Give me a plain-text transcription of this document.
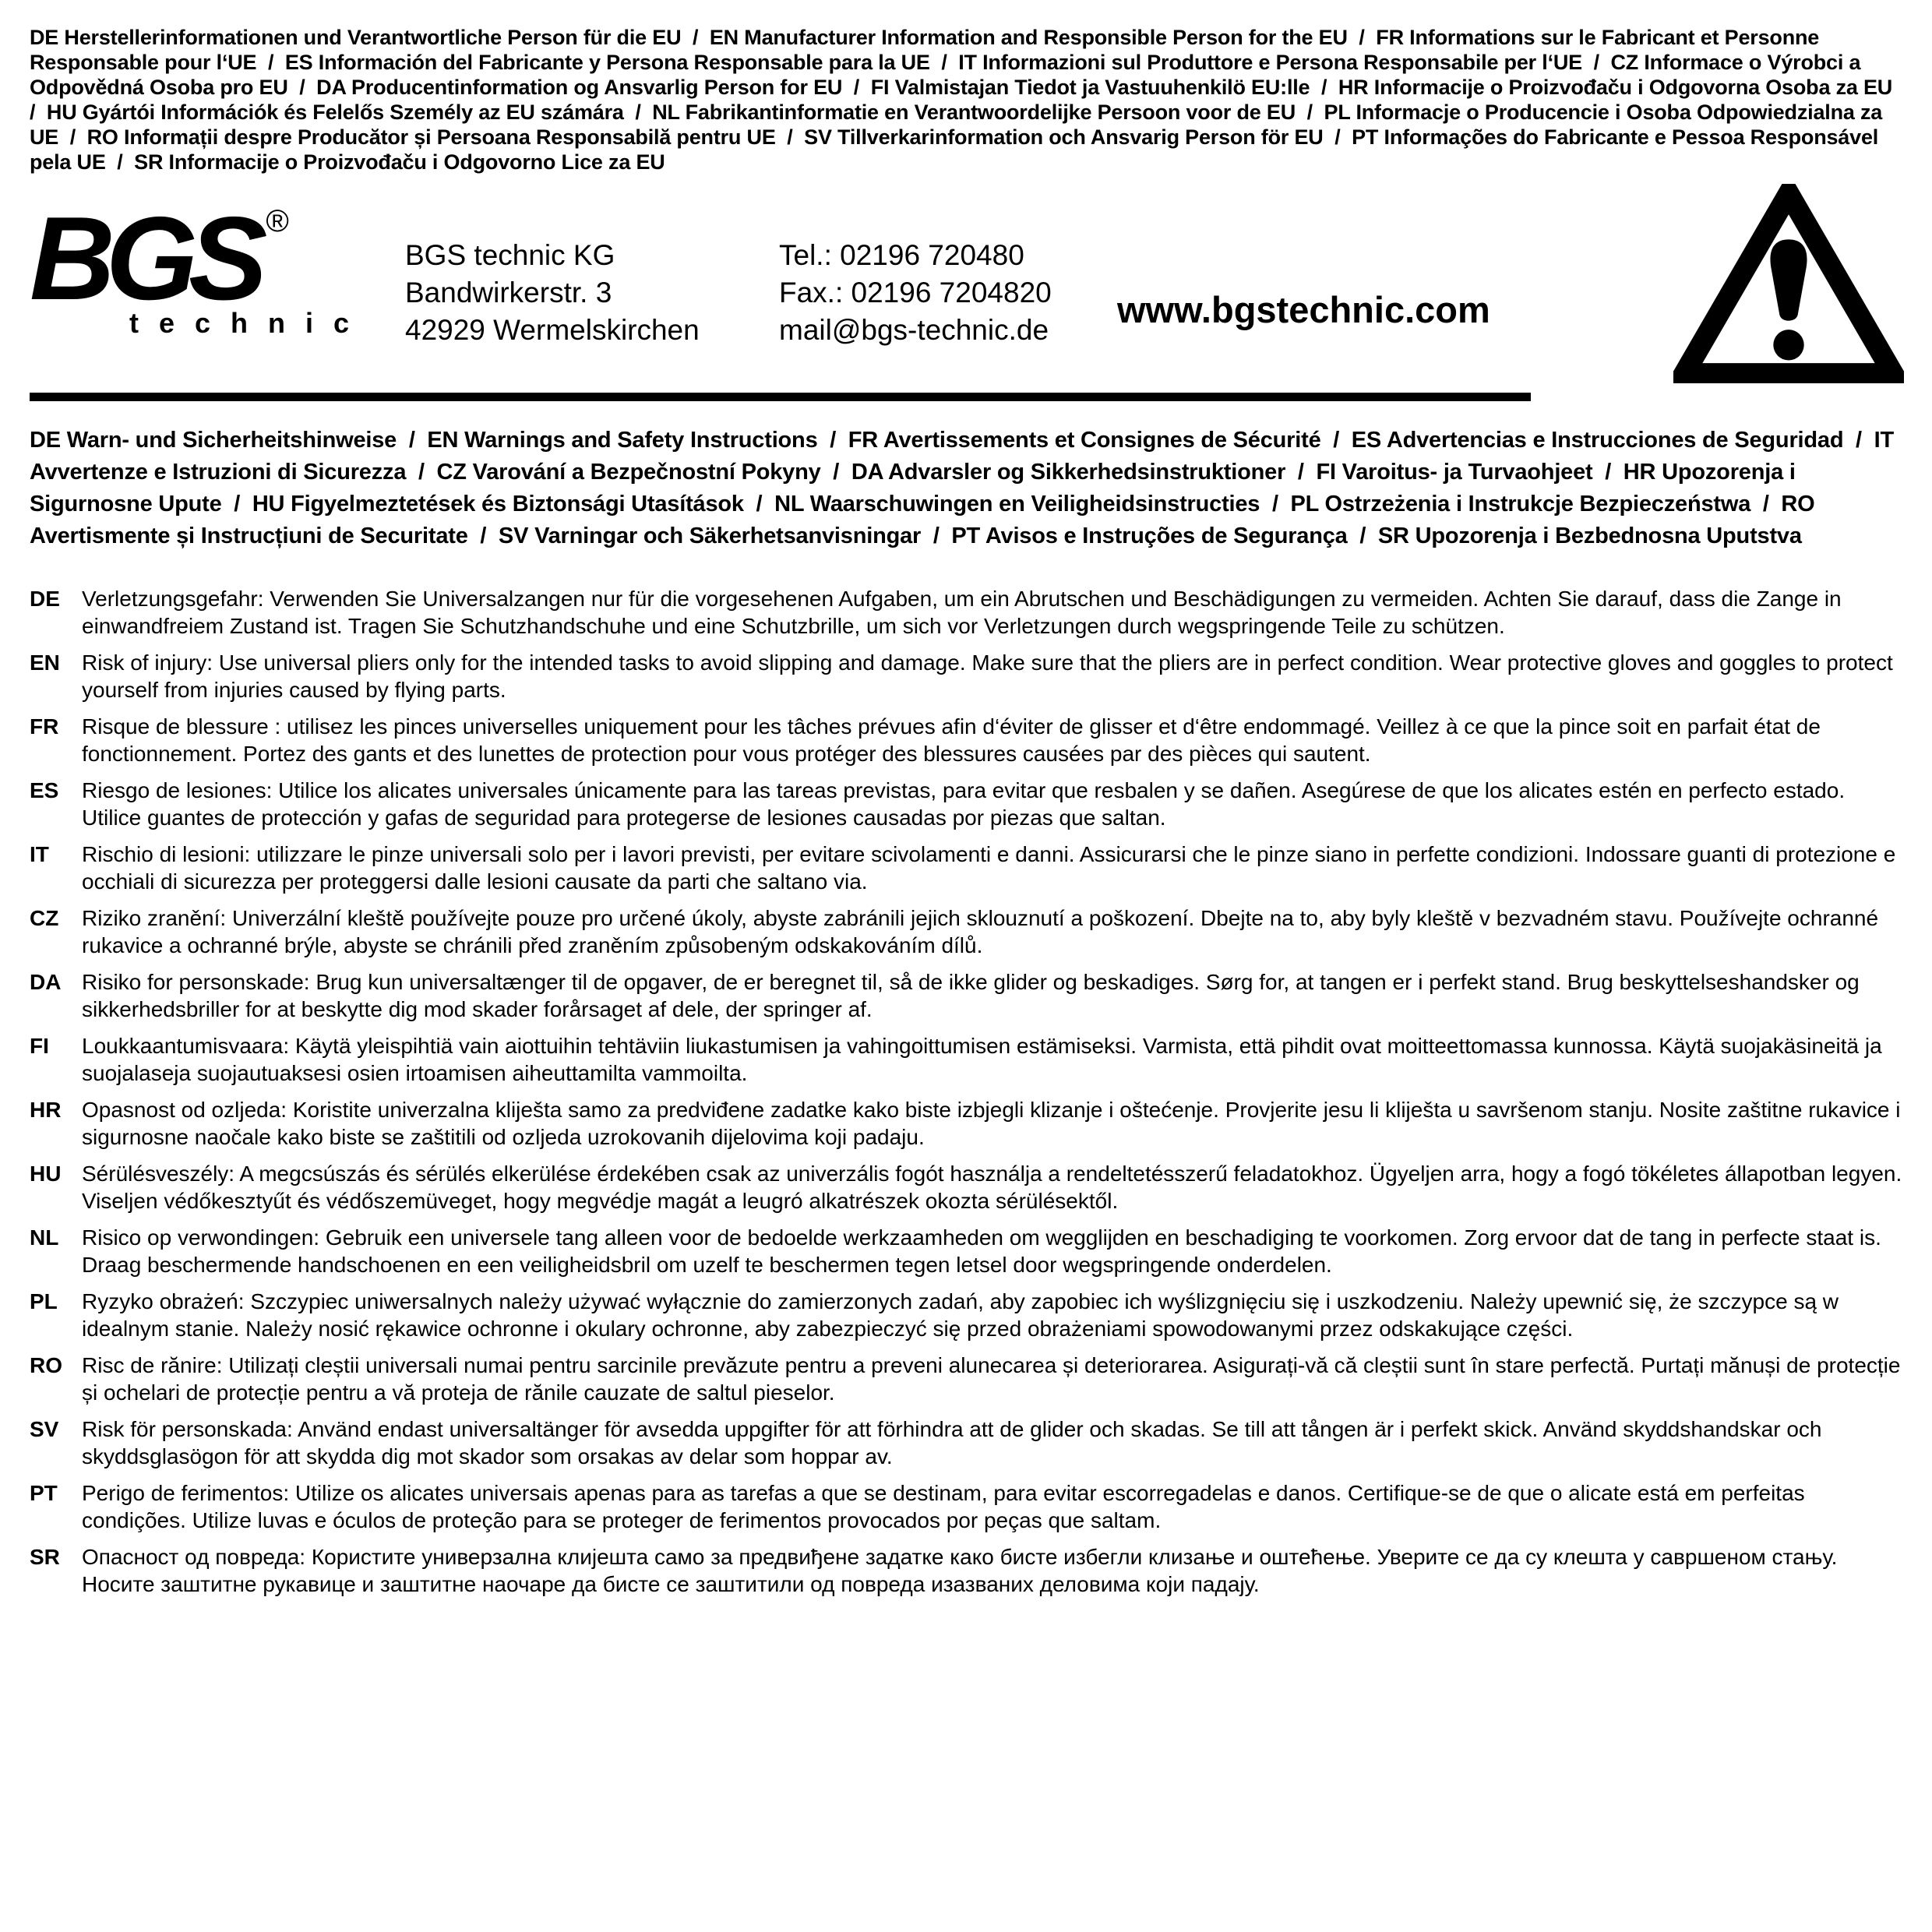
DE Herstellerinformationen und Verantwortliche Person für die EU  /  EN Manufacturer Information and Responsible Person for the EU  /  FR Informations sur le Fabricant et Personne Responsable pour l‘UE  /  ES Información del Fabricante y Persona Responsable para la UE  /  IT Informazioni sul Produttore e Persona Responsabile per l‘UE  /  CZ Informace o Výrobci a Odpovědná Osoba pro EU  /  DA Producentinformation og Ansvarlig Person for EU  /  FI Valmistajan Tiedot ja Vastuuhenkilö EU:lle  /  HR Informacije o Proizvođaču i Odgovorna Osoba za EU  /  HU Gyártói Információk és Felelős Személy az EU számára  /  NL Fabrikantinformatie en Verantwoordelijke Persoon voor de EU  /  PL Informacje o Producencie i Osoba Odpowiedzialna za UE  /  RO Informații despre Producător și Persoana Responsabilă pentru UE  /  SV Tillverkarinformation och Ansvarig Person för EU  /  PT Informações do Fabricante e Pessoa Responsável pela UE  /  SR Informacije o Proizvođaču i Odgovorno Lice za EU

BGS ®
technic
BGS technic KG
Bandwirkerstr. 3
42929 Wermelskirchen
Tel.: 02196 720480
Fax.: 02196 7204820
mail@bgs-technic.de www.bgstechnic.com

DE Warn- und Sicherheitshinweise  /  EN Warnings and Safety Instructions  /  FR Avertissements et Consignes de Sécurité  /  ES Advertencias e Instrucciones de Seguridad  /  IT Avvertenze e Istruzioni di Sicurezza  /  CZ Varování a Bezpečnostní Pokyny  /  DA Advarsler og Sikkerhedsinstruktioner  /  FI Varoitus- ja Turvaohjeet  /  HR Upozorenja i Sigurnosne Upute  /  HU Figyelmeztetések és Biztonsági Utasítások  /  NL Waarschuwingen en Veiligheidsinstructies  /  PL Ostrzeżenia i Instrukcje Bezpieczeństwa  /  RO Avertismente și Instrucțiuni de Securitate  /  SV Varningar och Säkerhetsanvisningar  /  PT Avisos e Instruções de Segurança  /  SR Upozorenja i Bezbednosna Uputstva

DE	Verletzungsgefahr: Verwenden Sie Universalzangen nur für die vorgesehenen Aufgaben, um ein Abrutschen und Beschädigungen zu vermeiden. Achten Sie darauf, dass die Zange in einwandfreiem Zustand ist. Tragen Sie Schutzhandschuhe und eine Schutzbrille, um sich vor Verletzungen durch wegspringende Teile zu schützen.
EN	Risk of injury: Use universal pliers only for the intended tasks to avoid slipping and damage. Make sure that the pliers are in perfect condition. Wear protective gloves and goggles to protect yourself from injuries caused by flying parts.
FR	Risque de blessure : utilisez les pinces universelles uniquement pour les tâches prévues afin d‘éviter de glisser et d‘être endommagé. Veillez à ce que la pince soit en parfait état de fonctionnement. Portez des gants et des lunettes de protection pour vous protéger des blessures causées par des pièces qui sautent.
ES	Riesgo de lesiones: Utilice los alicates universales únicamente para las tareas previstas, para evitar que resbalen y se dañen. Asegúrese de que los alicates estén en perfecto estado. Utilice guantes de protección y gafas de seguridad para protegerse de lesiones causadas por piezas que saltan.
IT	Rischio di lesioni: utilizzare le pinze universali solo per i lavori previsti, per evitare scivolamenti e danni. Assicurarsi che le pinze siano in perfette condizioni. Indossare guanti di protezione e occhiali di sicurezza per proteggersi dalle lesioni causate da parti che saltano via.
CZ	Riziko zranění: Univerzální kleště používejte pouze pro určené úkoly, abyste zabránili jejich sklouznutí a poškození. Dbejte na to, aby byly kleště v bezvadném stavu. Používejte ochranné rukavice a ochranné brýle, abyste se chránili před zraněním způsobeným odskakováním dílů.
DA Risiko for personskade: Brug kun universaltænger til de opgaver, de er beregnet til, så de ikke glider og beskadiges. Sørg for, at tangen er i perfekt stand. Brug beskyttelseshandsker og sikkerhedsbriller for at beskytte dig mod skader forårsaget af dele, der springer af.
FI	Loukkaantumisvaara: Käytä yleispihtiä vain aiottuihin tehtäviin liukastumisen ja vahingoittumisen estämiseksi. Varmista, että pihdit ovat moitteettomassa kunnossa. Käytä suojakäsineitä ja suojalaseja suojautuaksesi osien irtoamisen aiheuttamilta vammoilta.
HR Opasnost od ozljeda: Koristite univerzalna kliješta samo za predviđene zadatke kako biste izbjegli klizanje i oštećenje. Provjerite jesu li kliješta u savršenom stanju. Nosite zaštitne rukavice i sigurnosne naočale kako biste se zaštitili od ozljeda uzrokovanih dijelovima koji padaju.
HU Sérülésveszély: A megcsúszás és sérülés elkerülése érdekében csak az univerzális fogót használja a rendeltetésszerű feladatokhoz. Ügyeljen arra, hogy a fogó tökéletes állapotban legyen. Viseljen védőkesztyűt és védőszemüveget, hogy megvédje magát a leugró alkatrészek okozta sérülésektől.
NL	Risico op verwondingen: Gebruik een universele tang alleen voor de bedoelde werkzaamheden om wegglijden en beschadiging te voorkomen. Zorg ervoor dat de tang in perfecte staat is. Draag beschermende handschoenen en een veiligheidsbril om uzelf te beschermen tegen letsel door wegspringende onderdelen.
PL	Ryzyko obrażeń: Szczypiec uniwersalnych należy używać wyłącznie do zamierzonych zadań, aby zapobiec ich wyślizgnięciu się i uszkodzeniu. Należy upewnić się, że szczypce są w idealnym stanie. Należy nosić rękawice ochronne i okulary ochronne, aby zabezpieczyć się przed obrażeniami spowodowanymi przez odskakujące części.
RO Risc de rănire: Utilizați cleștii universali numai pentru sarcinile prevăzute pentru a preveni alunecarea și deteriorarea. Asigurați-vă că cleștii sunt în stare perfectă. Purtați mănuși de protecție și ochelari de protecție pentru a vă proteja de rănile cauzate de saltul pieselor.
SV	Risk för personskada: Använd endast universaltänger för avsedda uppgifter för att förhindra att de glider och skadas. Se till att tången är i perfekt skick. Använd skyddshandskar och skyddsglasögon för att skydda dig mot skador som orsakas av delar som hoppar av.
PT	Perigo de ferimentos: Utilize os alicates universais apenas para as tarefas a que se destinam, para evitar escorregadelas e danos. Certifique-se de que o alicate está em perfeitas condições. Utilize luvas e óculos de proteção para se proteger de ferimentos provocados por peças que saltam.
SR	Опасност од повреда: Користите универзална клијешта само за предвиђене задатке како бисте избегли клизање и оштећење. Уверите се да су клешта у савршеном стању. Носите заштитне рукавице и заштитне наочаре да бисте се заштитили од повреда изазваних деловима који падају.
